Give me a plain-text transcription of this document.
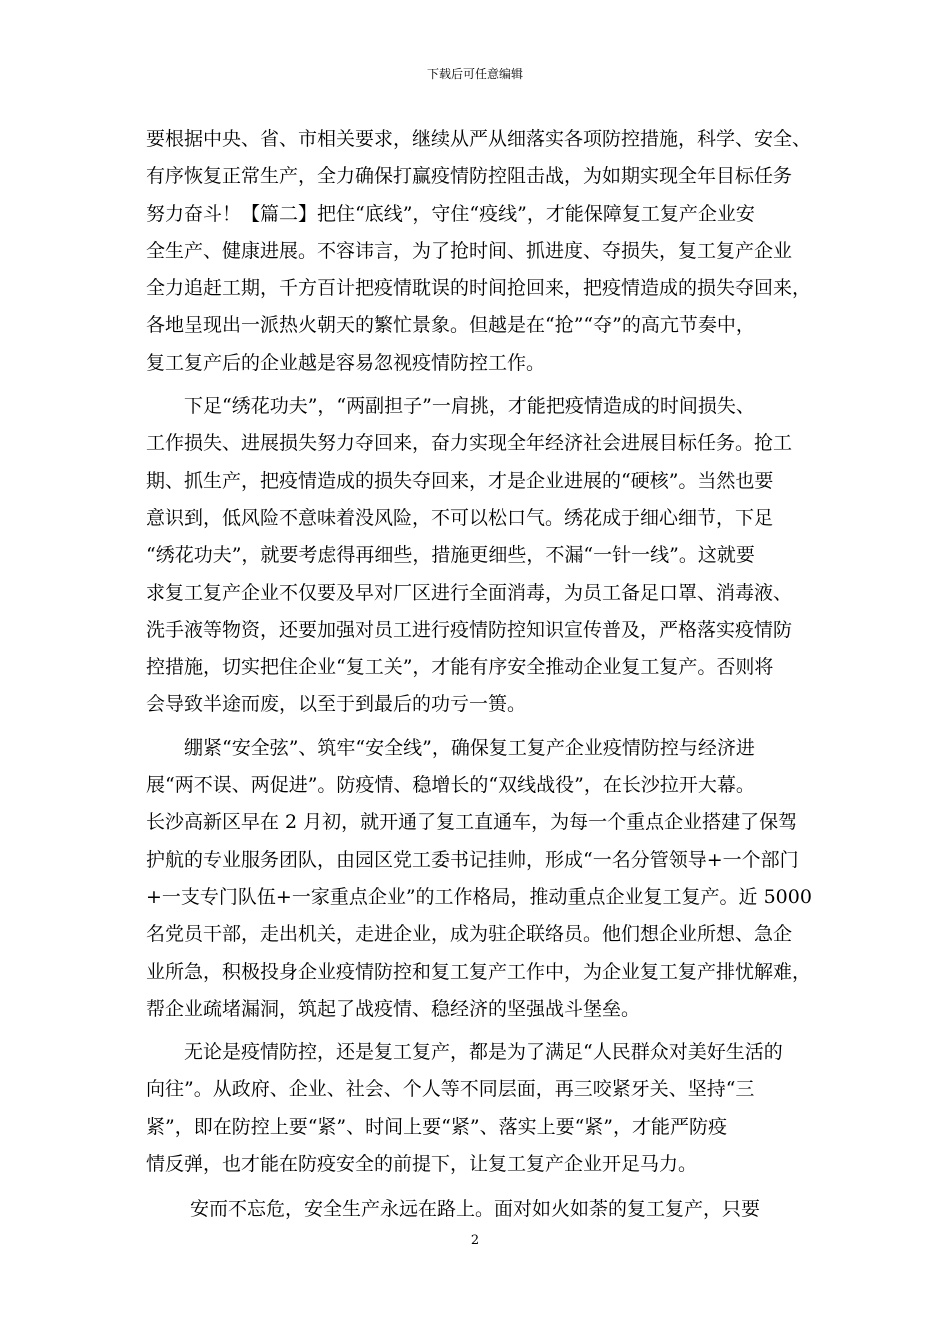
下载后可任意编辑
要根据中央、省、市相关要求，继续从严从细落实各项防控措施，科学、安全、
有序恢复正常生产，全力确保打赢疫情防控阻击战，为如期实现全年目标任务
努力奋斗！【篇二】把住“底线”，守住“疫线”，才能保障复工复产企业安
全生产、健康进展。不容讳言，为了抢时间、抓进度、夺损失，复工复产企业
全力追赶工期，千方百计把疫情耽误的时间抢回来，把疫情造成的损失夺回来，
各地呈现出一派热火朝天的繁忙景象。但越是在“抢”“夺”的高亢节奏中，
复工复产后的企业越是容易忽视疫情防控工作。
下足“绣花功夫”，“两副担子”一肩挑，才能把疫情造成的时间损失、
工作损失、进展损失努力夺回来，奋力实现全年经济社会进展目标任务。抢工
期、抓生产，把疫情造成的损失夺回来，才是企业进展的“硬核”。当然也要
意识到，低风险不意味着没风险，不可以松口气。绣花成于细心细节，下足
“绣花功夫”，就要考虑得再细些，措施更细些，不漏“一针一线”。这就要
求复工复产企业不仅要及早对厂区进行全面消毒，为员工备足口罩、消毒液、
洗手液等物资，还要加强对员工进行疫情防控知识宣传普及，严格落实疫情防
控措施，切实把住企业“复工关”，才能有序安全推动企业复工复产。否则将
会导致半途而废，以至于到最后的功亏一篑。
绷紧“安全弦”、筑牢“安全线”，确保复工复产企业疫情防控与经济进
展“两不误、两促进”。防疫情、稳增长的“双线战役”，在长沙拉开大幕。
长沙高新区早在 2 月初，就开通了复工直通车，为每一个重点企业搭建了保驾
护航的专业服务团队，由园区党工委书记挂帅，形成“一名分管领导+一个部门
+一支专门队伍+一家重点企业”的工作格局，推动重点企业复工复产。近 5000
名党员干部，走出机关，走进企业，成为驻企联络员。他们想企业所想、急企
业所急，积极投身企业疫情防控和复工复产工作中，为企业复工复产排忧解难，
帮企业疏堵漏洞，筑起了战疫情、稳经济的坚强战斗堡垒。
无论是疫情防控，还是复工复产，都是为了满足“人民群众对美好生活的
向往”。从政府、企业、社会、个人等不同层面，再三咬紧牙关、坚持“三
紧”，即在防控上要“紧”、时间上要“紧”、落实上要“紧”，才能严防疫
情反弹，也才能在防疫安全的前提下，让复工复产企业开足马力。
安而不忘危，安全生产永远在路上。面对如火如荼的复工复产，只要
2
